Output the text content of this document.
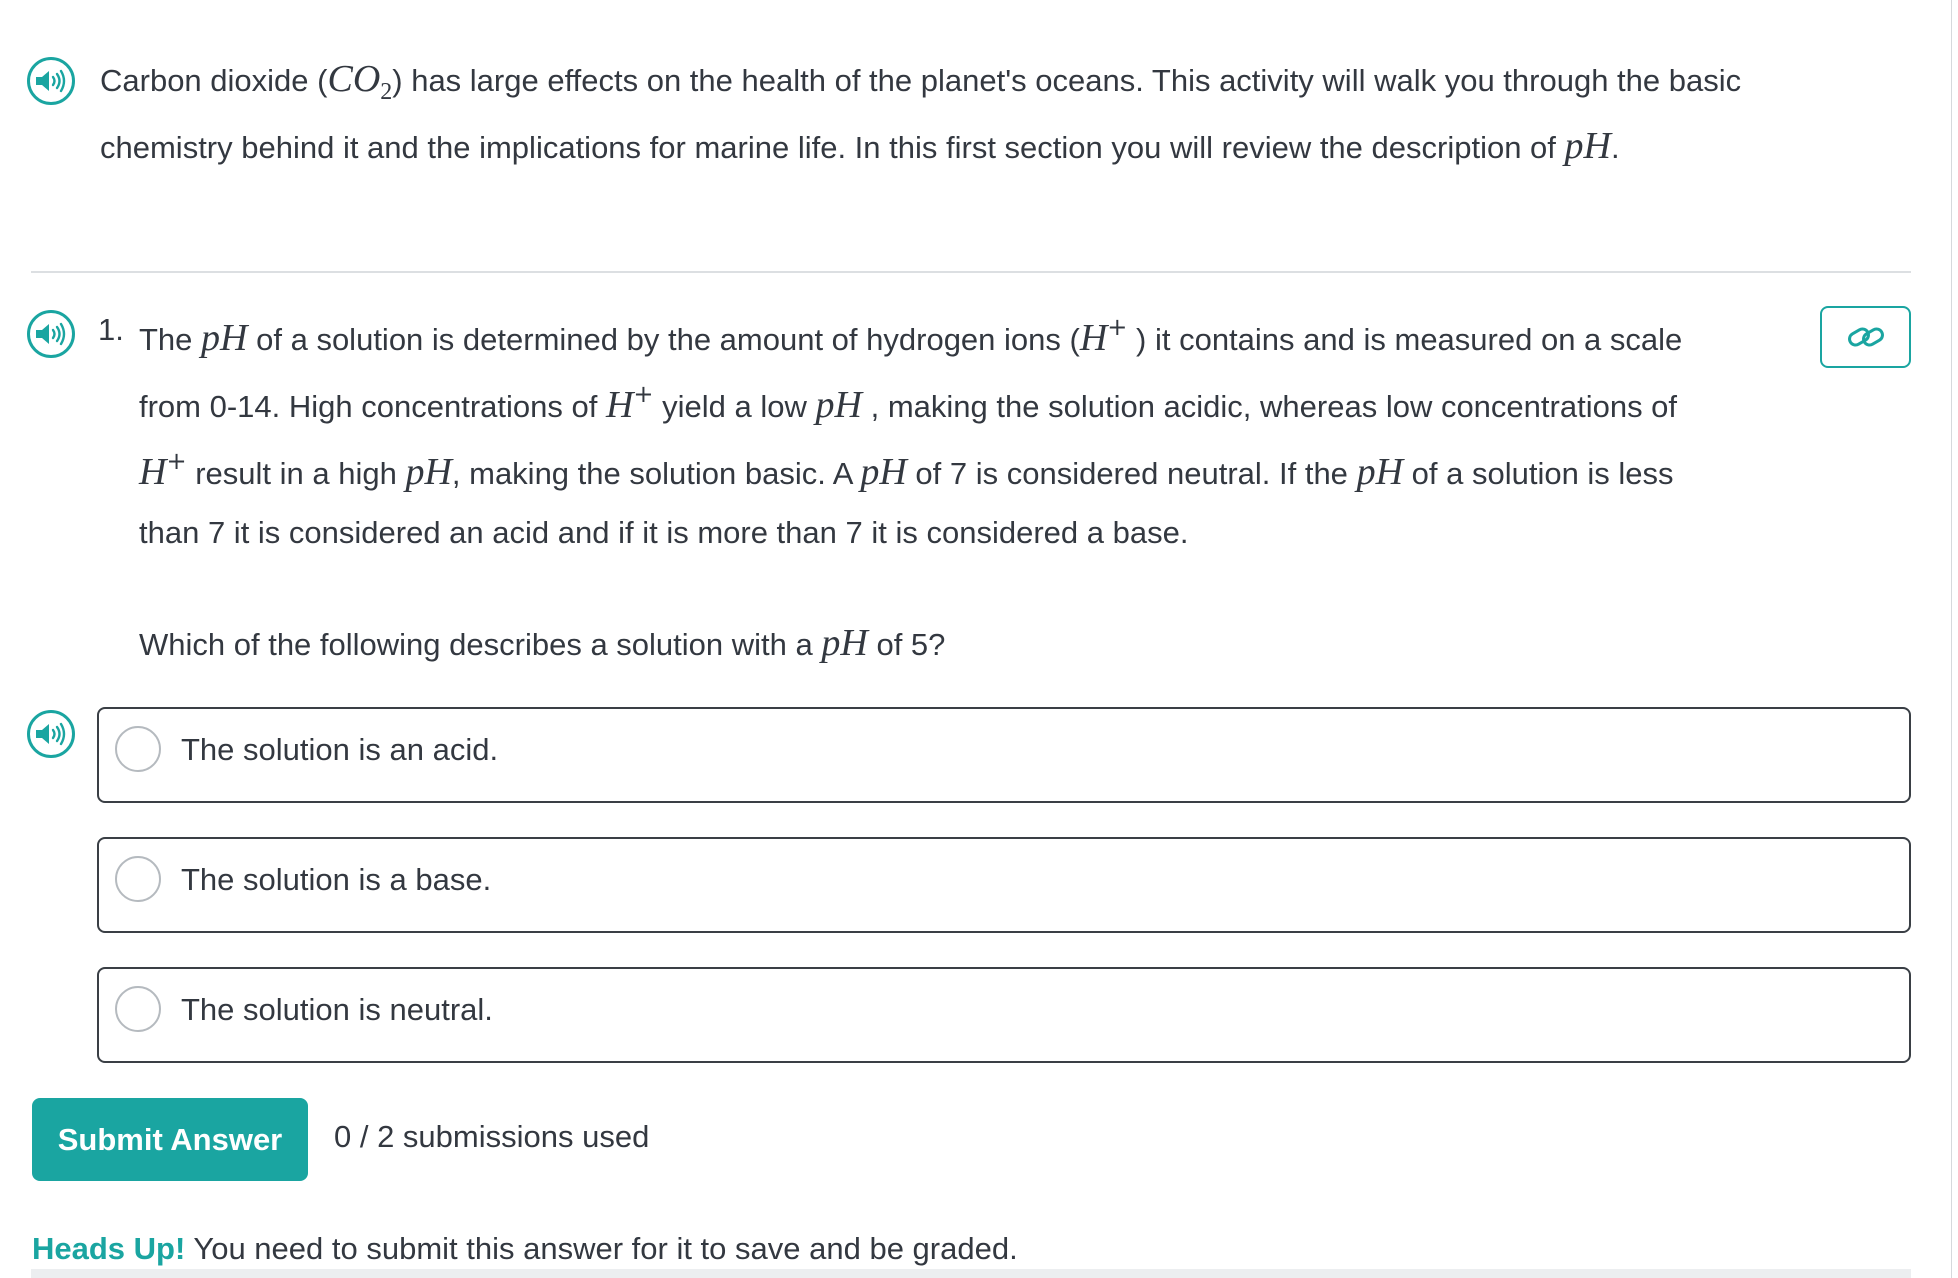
Carbon dioxide $(CO_2)$ has large effects on the health of the planet's oceans. This activity will walk you through the basic

chemistry behind it and the implications for marine life. In this first section you will review the description of pH.

1. The pH of a solution is determined by the amount of hydrogen ions (H+ ) it contains and is measured on a scale

from 0-14. High concentrations of H+ yield a low pH , making the solution acidic, whereas low concentrations of

H+ result in a high pH, making the solution basic. A pH of 7 is considered neutral. If the pH of a solution is less

than 7 it is considered an acid and if it is more than 7 it is considered a base.

Which of the following describes a solution with a pH of 5?

The solution is an acid.
The solution is a base.
The solution is neutral.
Submit Answer	0 / 2 submissions used

Heads Up! You need to submit this answer for it to save and be graded.
